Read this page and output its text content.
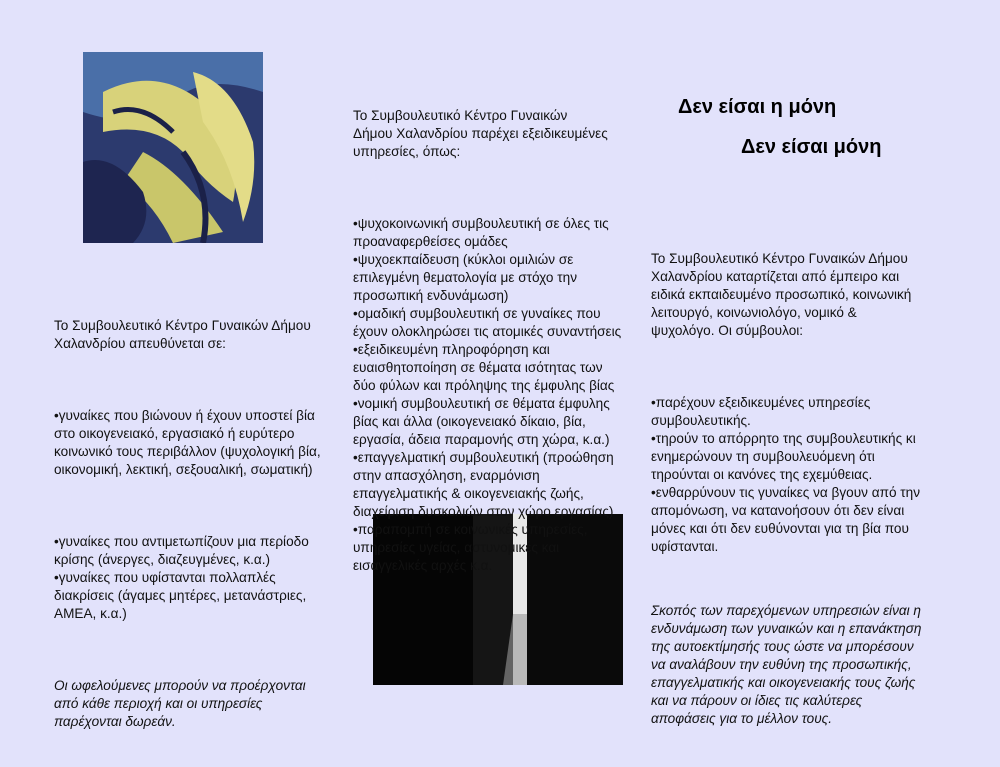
Το Συμβουλευτικό Κέντρο Γυναικών Δήμου
Χαλανδρίου απευθύνεται σε:

•γυναίκες που βιώνουν ή έχουν υποστεί βία
στο οικογενειακό, εργασιακό ή ευρύτερο
κοινωνικό τους περιβάλλον (ψυχολογική βία,
οικονομική, λεκτική, σεξουαλική, σωματική)

•γυναίκες που αντιμετωπίζουν μια περίοδο
κρίσης (άνεργες, διαζευγμένες, κ.α.)
•γυναίκες που υφίστανται πολλαπλές
διακρίσεις (άγαμες μητέρες, μετανάστριες,
ΑΜΕΑ, κ.α.)

Οι ωφελούμενες μπορούν να προέρχονται
από κάθε περιοχή και οι υπηρεσίες
παρέχονται δωρεάν.

Δεν είσαι η μόνη
Δεν είσαι μόνη

Το Συμβουλευτικό Κέντρο Γυναικών Δήμου
Χαλανδρίου καταρτίζεται από έμπειρο και
ειδικά εκπαιδευμένο προσωπικό, κοινωνική
λειτουργό, κοινωνιολόγο, νομικό &
ψυχολόγο. Οι σύμβουλοι:

•παρέχουν εξειδικευμένες υπηρεσίες
συμβουλευτικής.
•τηρούν το απόρρητο της συμβουλευτικής κι
ενημερώνουν τη συμβουλευόμενη ότι
τηρούνται οι κανόνες της εχεμύθειας.
•ενθαρρύνουν τις γυναίκες να βγουν από την
απομόνωση, να κατανοήσουν ότι δεν είναι
μόνες και ότι δεν ευθύνονται για τη βία που
υφίστανται.

Σκοπός των παρεχόμενων υπηρεσιών είναι η
ενδυνάμωση των γυναικών και η επανάκτηση
της αυτοεκτίμησής τους ώστε να μπορέσουν
να αναλάβουν την ευθύνη της προσωπικής,
επαγγελματικής και οικογενειακής τους ζωής
και να πάρουν οι ίδιες τις καλύτερες
αποφάσεις για το μέλλον τους.

Το Συμβουλευτικό Κέντρο Γυναικών
Δήμου Χαλανδρίου παρέχει εξειδικευμένες
υπηρεσίες, όπως:

•ψυχοκοινωνική συμβουλευτική σε όλες τις
προαναφερθείσες ομάδες
•ψυχοεκπαίδευση (κύκλοι ομιλιών σε
επιλεγμένη θεματολογία με στόχο την
προσωπική ενδυνάμωση)
•ομαδική συμβουλευτική σε γυναίκες που
έχουν ολοκληρώσει τις ατομικές συναντήσεις
•εξειδικευμένη πληροφόρηση και
ευαισθητοποίηση σε θέματα ισότητας των
δύο φύλων και πρόληψης της έμφυλης βίας
•νομική συμβουλευτική σε θέματα έμφυλης
βίας και άλλα (οικογενειακό δίκαιο, βία,
εργασία, άδεια παραμονής στη χώρα, κ.α.)
•επαγγελματική συμβουλευτική (προώθηση
στην απασχόληση, εναρμόνιση
επαγγελματικής & οικογενειακής ζωής,
διαχείριση δυσκολιών στον χώρο εργασίας)
•παραπομπή σε κοινωνικές υπηρεσίες,
υπηρεσίες υγείας, αστυνομικές και
εισαγγελικές αρχές κ.α.
